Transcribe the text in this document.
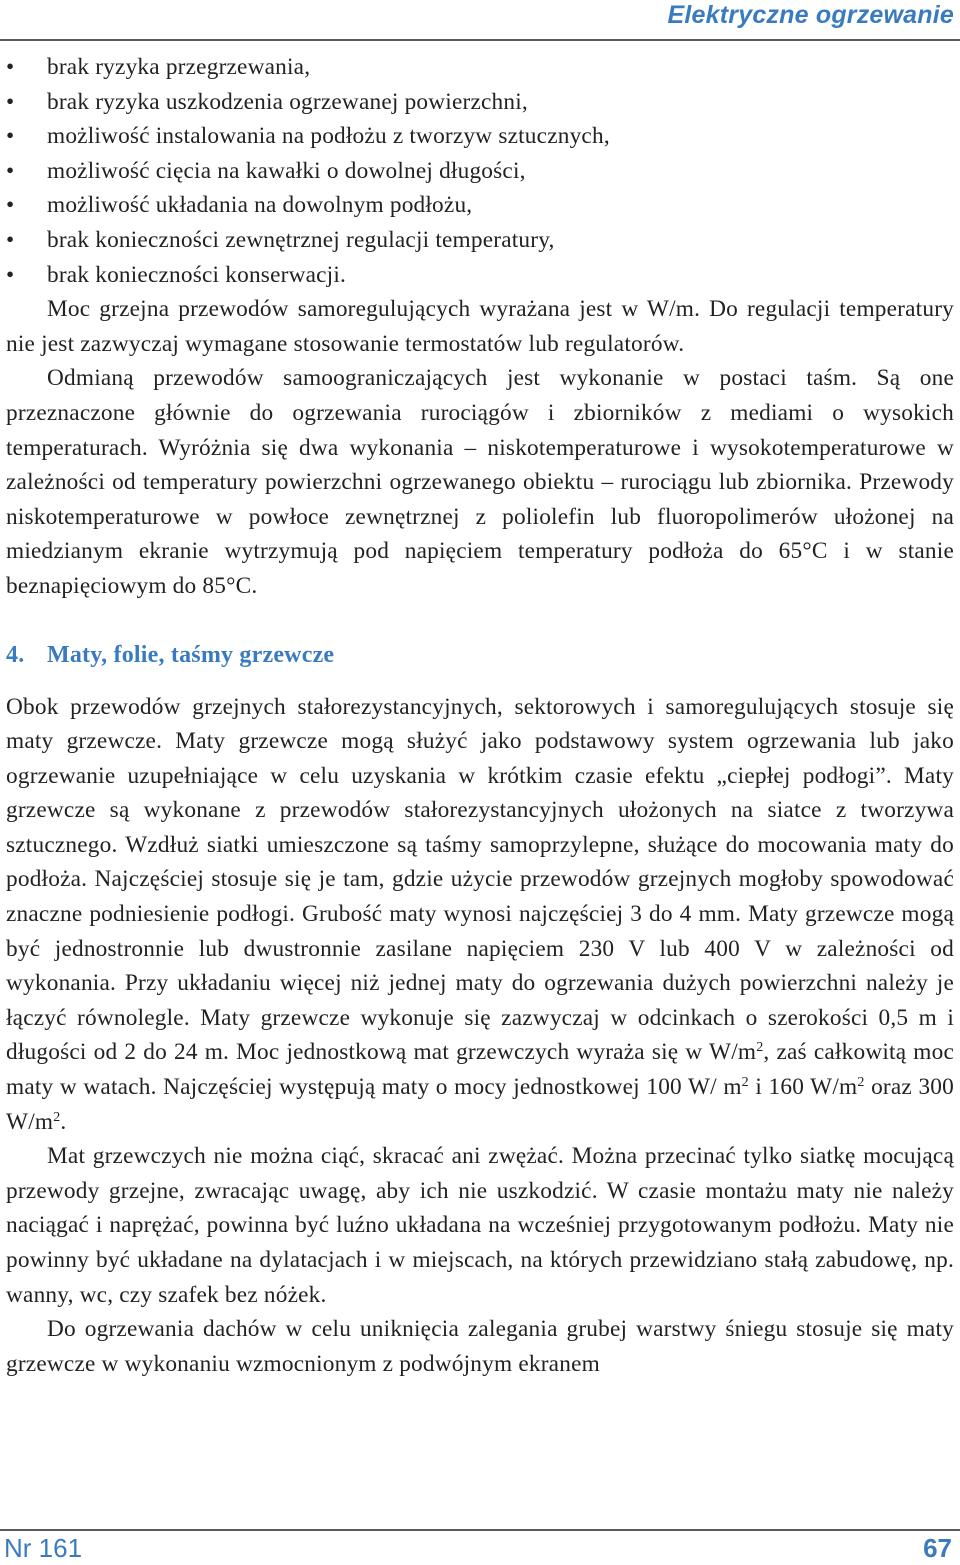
Elektryczne ogrzewanie
•	brak ryzyka przegrzewania,
•	brak ryzyka uszkodzenia ogrzewanej powierzchni,
•	możliwość instalowania na podłożu z tworzyw sztucznych,
•	możliwość cięcia na kawałki o dowolnej długości,
•	możliwość układania na dowolnym podłożu,
•	brak konieczności zewnętrznej regulacji temperatury,
•	brak konieczności konserwacji.

Moc grzejna przewodów samoregulujących wyrażana jest w W/m. Do regulacji temperatury nie jest zazwyczaj wymagane stosowanie termostatów lub regulatorów.

Odmianą przewodów samoograniczających jest wykonanie w postaci taśm. Są one przeznaczone głównie do ogrzewania rurociągów i zbiorników z mediami o wysokich temperaturach. Wyróżnia się dwa wykonania – niskotemperaturowe i wysokotemperaturowe w zależności od temperatury powierzchni ogrzewanego obiektu – rurociągu lub zbiornika. Przewody niskotemperaturowe w powłoce zewnętrznej z poliolefin lub fluoropolimerów ułożonej na miedzianym ekranie wytrzymują pod napięciem temperatury podłoża do 65°C i w stanie beznapięciowym do 85°C.

4. Maty, folie, taśmy grzewcze

Obok przewodów grzejnych stałorezystancyjnych, sektorowych i samoregulujących stosuje się maty grzewcze. Maty grzewcze mogą służyć jako podstawowy system ogrzewania lub jako ogrzewanie uzupełniające w celu uzyskania w krótkim czasie efektu „ciepłej podłogi”. Maty grzewcze są wykonane z przewodów stałorezystancyjnych ułożonych na siatce z tworzywa sztucznego. Wzdłuż siatki umieszczone są taśmy samoprzylepne, służące do mocowania maty do podłoża. Najczęściej stosuje się je tam, gdzie użycie przewodów grzejnych mogłoby spowodować znaczne podniesienie podłogi. Grubość maty wynosi najczęściej 3 do 4 mm. Maty grzewcze mogą być jednostronnie lub dwustronnie zasilane napięciem 230 V lub 400 V w zależności od wykonania. Przy układaniu więcej niż jednej maty do ogrzewania dużych powierzchni należy je łączyć równolegle. Maty grzewcze wykonuje się zazwyczaj w odcinkach o szerokości 0,5 m i długości od 2 do 24 m. Moc jednostkową mat grzewczych wyraża się w $W/m^2$, zaś całkowitą moc maty w watach. Najczęściej występują maty o mocy jednostkowej 100 W/ $m^2$ i 160 $W/m^2$ oraz 300 $W/m^2$.

Mat grzewczych nie można ciąć, skracać ani zwężać. Można przecinać tylko siatkę mocującą przewody grzejne, zwracając uwagę, aby ich nie uszkodzić. W czasie montażu maty nie należy naciągać i naprężać, powinna być luźno układana na wcześniej przygotowanym podłożu. Maty nie powinny być układane na dylatacjach i w miejscach, na których przewidziano stałą zabudowę, np. wanny, wc, czy szafek bez nóżek.

Do ogrzewania dachów w celu uniknięcia zalegania grubej warstwy śniegu stosuje się maty grzewcze w wykonaniu wzmocnionym z podwójnym ekranem

Nr 161	67
